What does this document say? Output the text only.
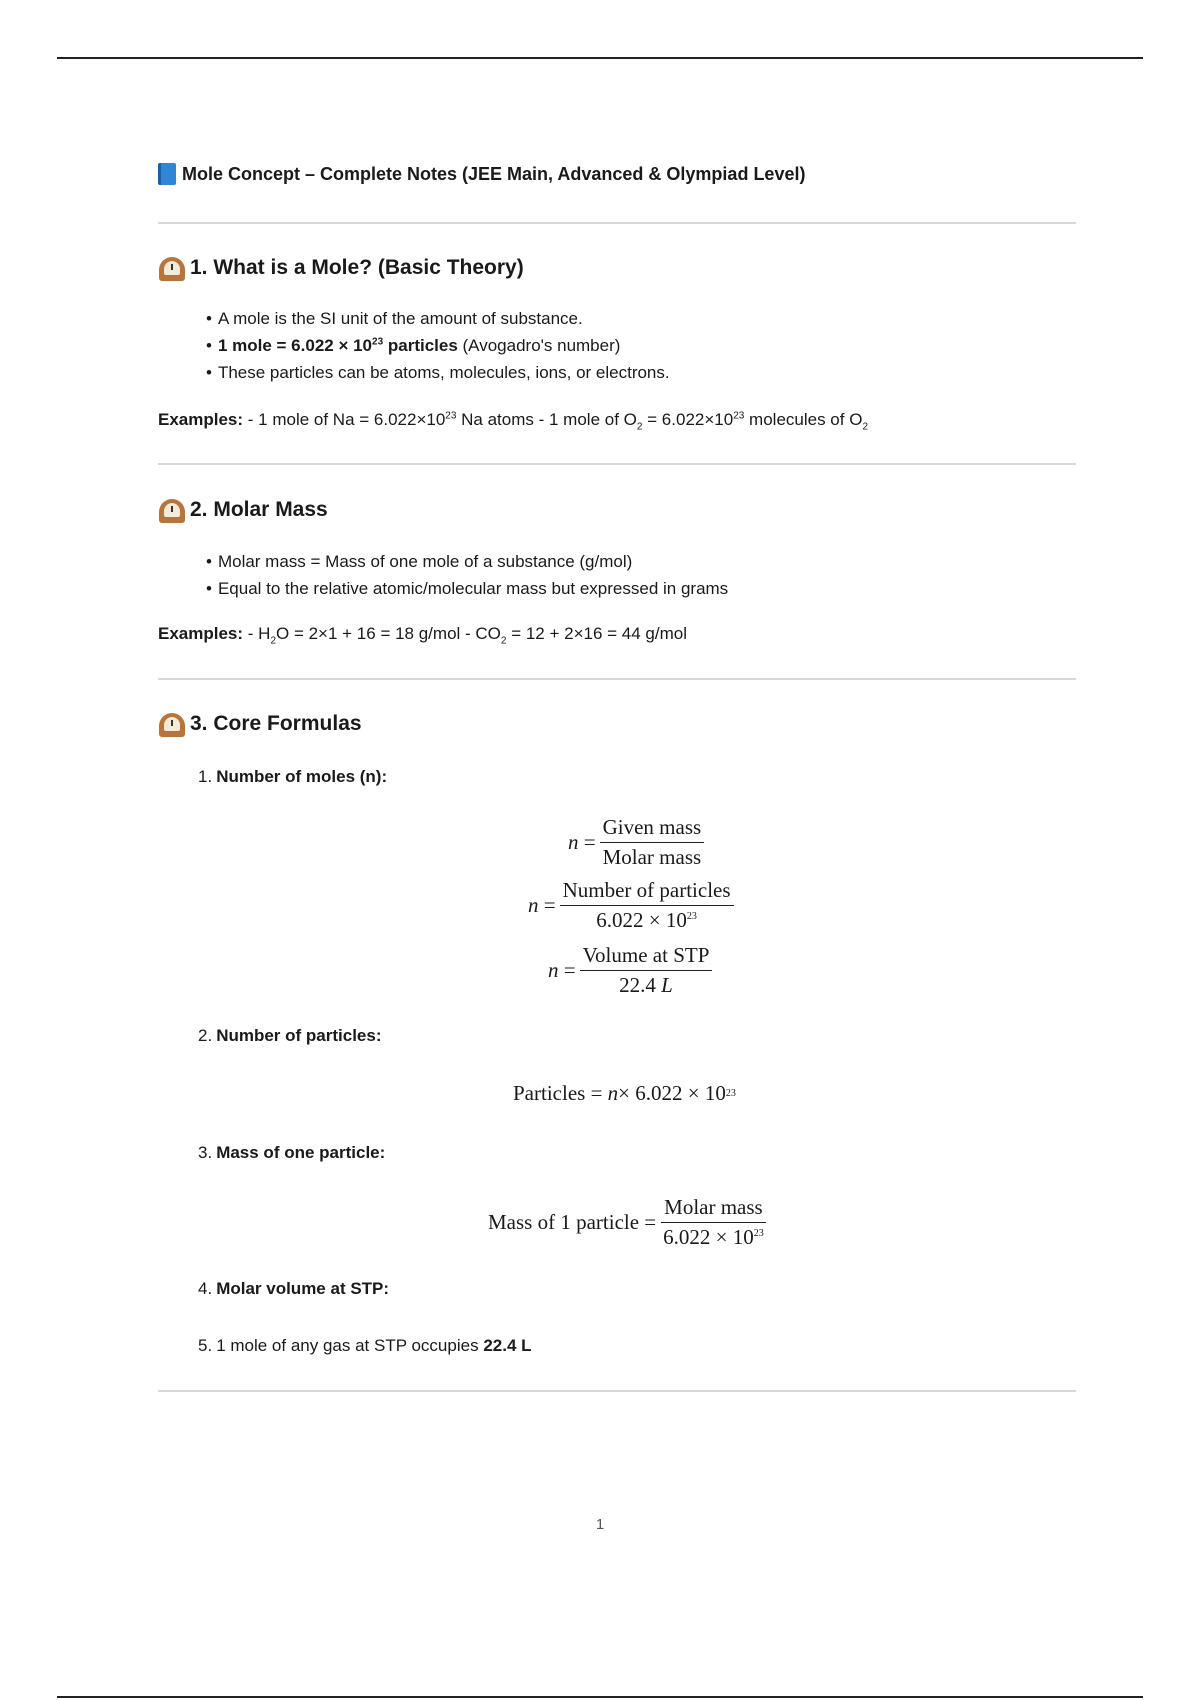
Mole Concept – Complete Notes (JEE Main, Advanced & Olympiad Level)
1. What is a Mole? (Basic Theory)
• A mole is the SI unit of the amount of substance.
• 1 mole = $6.022 \times 10^{23}$ particles (Avogadro's number)
• These particles can be atoms, molecules, ions, or electrons.
Examples: - 1 mole of $Na = 6.022\times 10^{23}$ Na atoms - 1 mole of $O_2 = 6.022\times 10^{23}$ molecules of $O_2$
2. Molar Mass
• Molar mass = Mass of one mole of a substance (g/mol)
• Equal to the relative atomic/molecular mass but expressed in grams
Examples: - $H_2O = 2\times 1 + 16 = 18$ $g/mol - CO_2 = 12 + 2\times 16 = 44$ g/mol
3. Core Formulas
1. Number of moles (n):
n
= $\frac{\text{Given mass}}{\text{Molar mass}}$
n
= $\frac{\text{Number of particles}}{6.022 \times 10^{23}}$
n
= $\frac{\text{Volume at STP}}{22.4 L}$
2. Number of particles:
Particles
=
n × 6.022 × 10 23
3. Mass of one particle:
Mass of 1 particle
= $\frac{\text{Molar mass}}{6.022 \times 10^{23}}$
4. Molar volume at STP:
5. 1 mole of any gas at STP occupies 22.4 L
1
